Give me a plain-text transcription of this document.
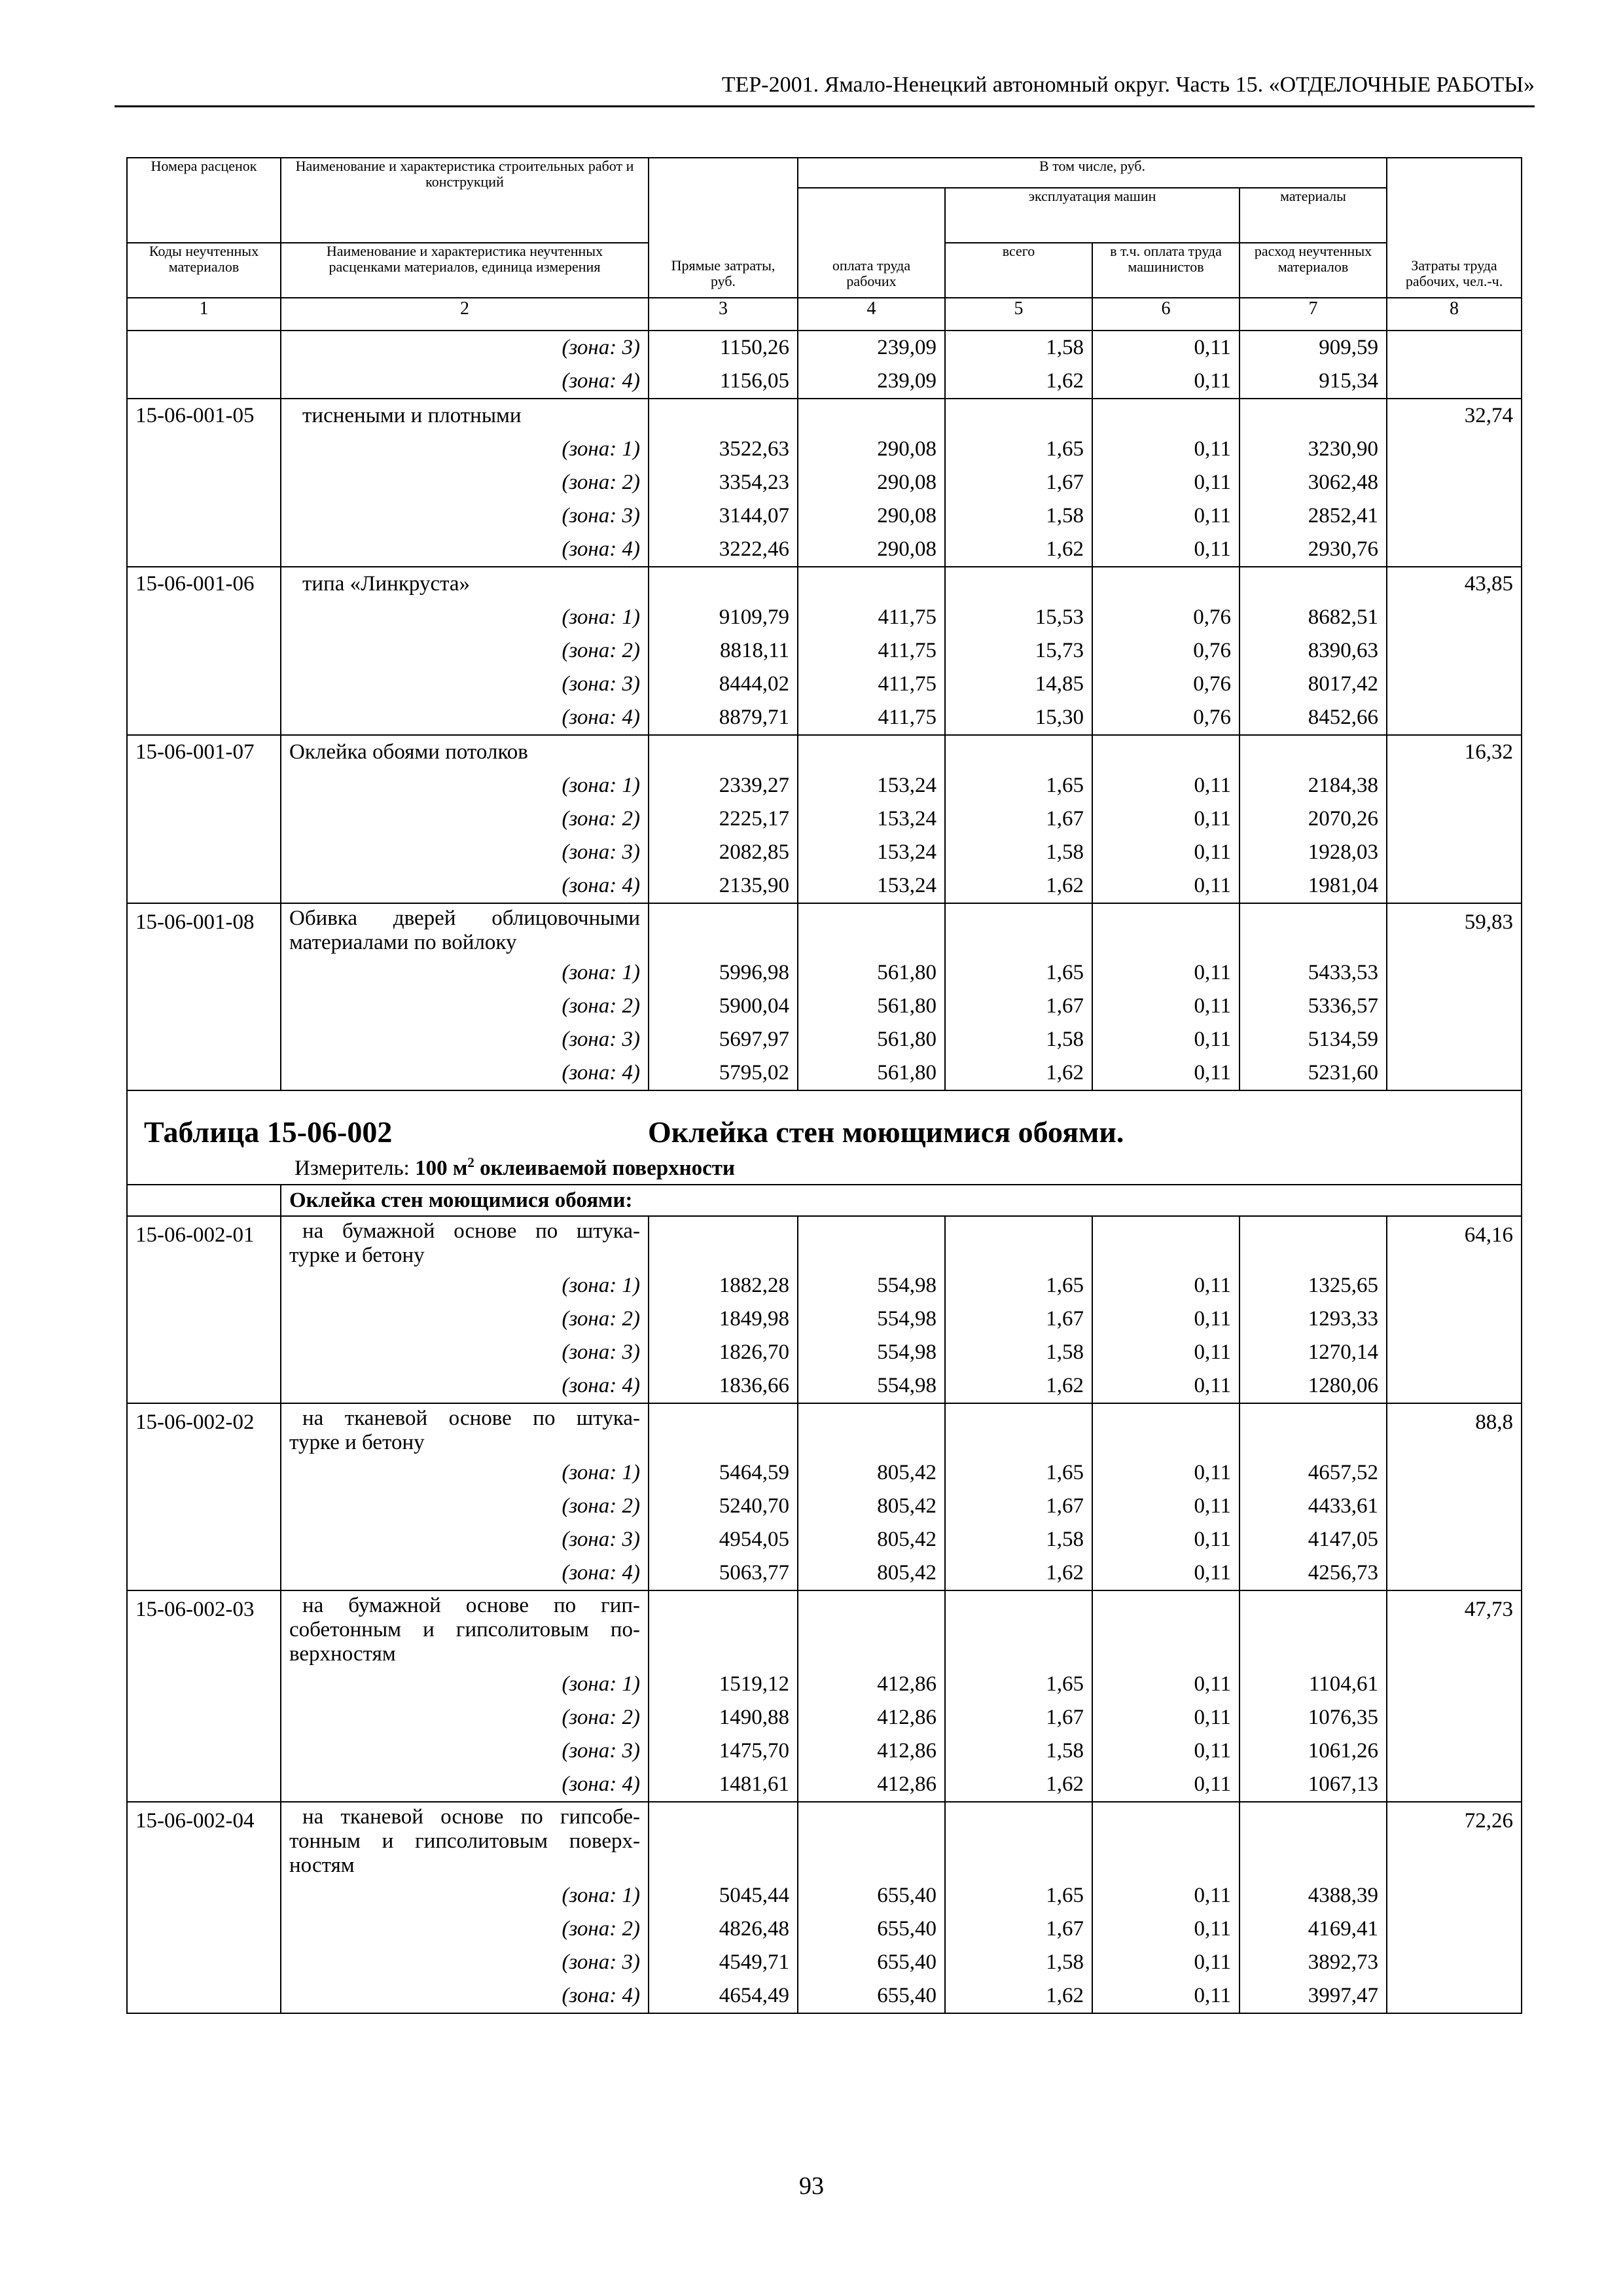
ТЕР-2001. Ямало-Ненецкий автономный округ. Часть 15. «ОТДЕЛОЧНЫЕ РАБОТЫ»
Номера расценок	Наименование и характеристика строительных работ и конструкций	Прямые затраты, руб.	В том числе, руб.				Затраты труда рабочих, чел.-ч.
			оплата труда рабочих	эксплуатация машин		материалы	

Коды неучтенных материалов	Наименование и характеристика неучтенных расценками материалов, единица измерения			всего	в т.ч. оплата труда машинистов	расход неучтенных материалов	
1	2	3	4	5	6	7	8
	(зона: 3)	1150,26	239,09	1,58	0,11	909,59	
	(зона: 4)	1156,05	239,09	1,62	0,11	915,34	
15-06-001-05	тиснеными и плотными						32,74
	(зона: 1)	3522,63	290,08	1,65	0,11	3230,90	
	(зона: 2)	3354,23	290,08	1,67	0,11	3062,48	
	(зона: 3)	3144,07	290,08	1,58	0,11	2852,41	
	(зона: 4)	3222,46	290,08	1,62	0,11	2930,76	
15-06-001-06	типа «Линкруста»						43,85
	(зона: 1)	9109,79	411,75	15,53	0,76	8682,51	
	(зона: 2)	8818,11	411,75	15,73	0,76	8390,63	
	(зона: 3)	8444,02	411,75	14,85	0,76	8017,42	
	(зона: 4)	8879,71	411,75	15,30	0,76	8452,66	
15-06-001-07	Оклейка обоями потолков						16,32
	(зона: 1)	2339,27	153,24	1,65	0,11	2184,38	
	(зона: 2)	2225,17	153,24	1,67	0,11	2070,26	
	(зона: 3)	2082,85	153,24	1,58	0,11	1928,03	
	(зона: 4)	2135,90	153,24	1,62	0,11	1981,04	
15-06-001-08	Обивка дверей облицовочными
материалами по войлоку						59,83
	(зона: 1)	5996,98	561,80	1,65	0,11	5433,53	
	(зона: 2)	5900,04	561,80	1,67	0,11	5336,57	
	(зона: 3)	5697,97	561,80	1,58	0,11	5134,59	
	(зона: 4)	5795,02	561,80	1,62	0,11	5231,60	

Таблица 15-06-002 Оклейка стен моющимися обоями.
Измеритель: 100 $м^2$ оклеиваемой поверхности							

	Оклейка стен моющимися обоями:						
15-06-002-01	на бумажной основе по штука-
турке и бетону						64,16
	(зона: 1)	1882,28	554,98	1,65	0,11	1325,65	
	(зона: 2)	1849,98	554,98	1,67	0,11	1293,33	
	(зона: 3)	1826,70	554,98	1,58	0,11	1270,14	
	(зона: 4)	1836,66	554,98	1,62	0,11	1280,06	
15-06-002-02	на тканевой основе по штука-
турке и бетону						88,8
	(зона: 1)	5464,59	805,42	1,65	0,11	4657,52	
	(зона: 2)	5240,70	805,42	1,67	0,11	4433,61	
	(зона: 3)	4954,05	805,42	1,58	0,11	4147,05	
	(зона: 4)	5063,77	805,42	1,62	0,11	4256,73	
15-06-002-03	на бумажной основе по гип-
собетонным и гипсолитовым по-
верхностям						47,73
	(зона: 1)	1519,12	412,86	1,65	0,11	1104,61	
	(зона: 2)	1490,88	412,86	1,67	0,11	1076,35	
	(зона: 3)	1475,70	412,86	1,58	0,11	1061,26	
	(зона: 4)	1481,61	412,86	1,62	0,11	1067,13	
15-06-002-04	на тканевой основе по гипсобе-
тонным и гипсолитовым поверх-
ностям						72,26
	(зона: 1)	5045,44	655,40	1,65	0,11	4388,39	
	(зона: 2)	4826,48	655,40	1,67	0,11	4169,41	
	(зона: 3)	4549,71	655,40	1,58	0,11	3892,73	
	(зона: 4)	4654,49	655,40	1,62	0,11	3997,47	
93
